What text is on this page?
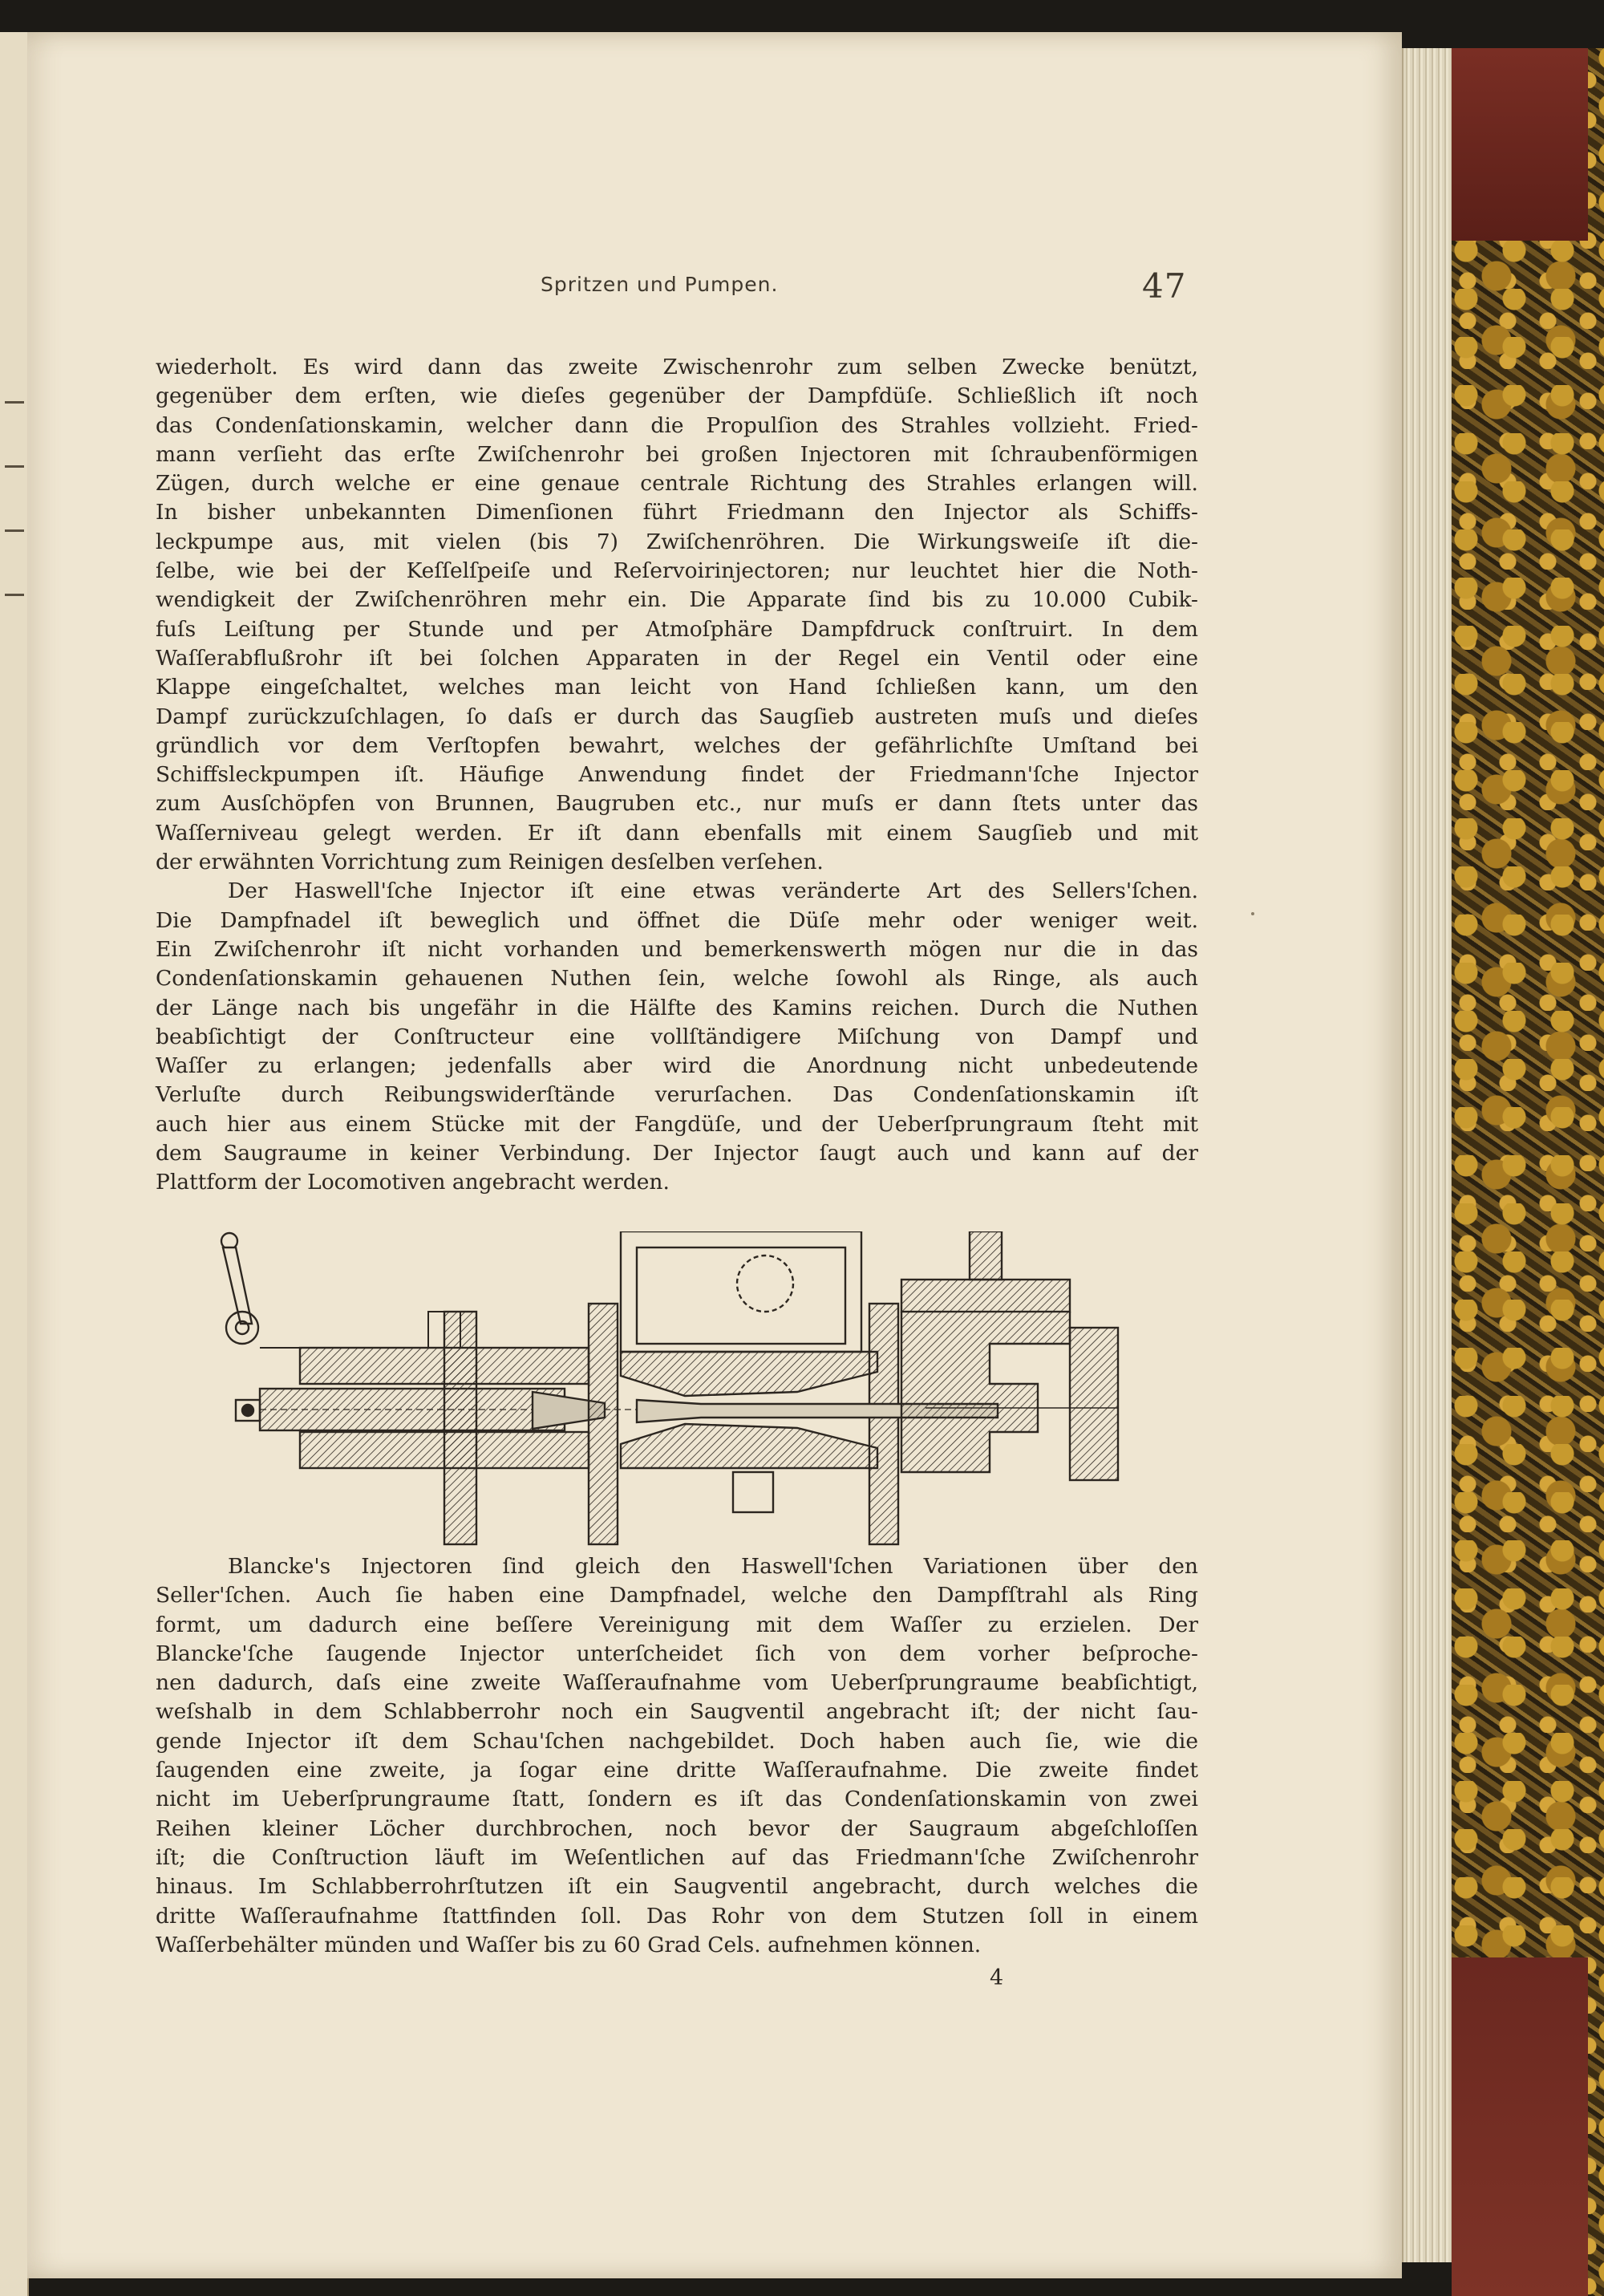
Spritzen und Pumpen.	47
wiederholt. Es wird dann das zweite Zwischenrohr zum selben Zwecke benützt,
gegenüber dem erſten, wie dieſes gegenüber der Dampfdüſe. Schließlich iſt noch
das Condenſationskamin, welcher dann die Propulſion des Strahles vollzieht. Fried-
mann verſieht das erſte Zwiſchenrohr bei großen Injectoren mit ſchraubenförmigen
Zügen, durch welche er eine genaue centrale Richtung des Strahles erlangen will.
In bisher unbekannten Dimenſionen führt Friedmann den Injector als Schiffs-
leckpumpe aus, mit vielen (bis 7) Zwiſchenröhren. Die Wirkungsweiſe iſt die-
ſelbe, wie bei der Keſſelſpeiſe und Reſervoirinjectoren; nur leuchtet hier die Noth-
wendigkeit der Zwiſchenröhren mehr ein. Die Apparate ſind bis zu 10.000 Cubik-
fuſs Leiſtung per Stunde und per Atmoſphäre Dampfdruck conſtruirt. In dem
Waſſerabflußrohr iſt bei ſolchen Apparaten in der Regel ein Ventil oder eine
Klappe eingeſchaltet, welches man leicht von Hand ſchließen kann, um den
Dampf zurückzuſchlagen, ſo daſs er durch das Saugſieb austreten muſs und dieſes
gründlich vor dem Verſtopfen bewahrt, welches der gefährlichſte Umſtand bei
Schiffsleckpumpen iſt. Häufige Anwendung findet der Friedmann'ſche Injector
zum Ausſchöpfen von Brunnen, Baugruben etc., nur muſs er dann ſtets unter das
Waſſerniveau gelegt werden. Er iſt dann ebenfalls mit einem Saugſieb und mit
der erwähnten Vorrichtung zum Reinigen desſelben verſehen.
Der Haswell'ſche Injector iſt eine etwas veränderte Art des Sellers'ſchen.
Die Dampfnadel iſt beweglich und öffnet die Düſe mehr oder weniger weit.
Ein Zwiſchenrohr iſt nicht vorhanden und bemerkenswerth mögen nur die in das
Condenſationskamin gehauenen Nuthen ſein, welche ſowohl als Ringe, als auch
der Länge nach bis ungefähr in die Hälfte des Kamins reichen. Durch die Nuthen
beabſichtigt der Conſtructeur eine vollſtändigere Miſchung von Dampf und
Waſſer zu erlangen; jedenfalls aber wird die Anordnung nicht unbedeutende
Verluſte durch Reibungswiderſtände verurſachen. Das Condenſationskamin iſt
auch hier aus einem Stücke mit der Fangdüſe, und der Ueberſprungraum ſteht mit
dem Saugraume in keiner Verbindung. Der Injector ſaugt auch und kann auf der
Plattform der Locomotiven angebracht werden.
Blancke's Injectoren ſind gleich den Haswell'ſchen Variationen über den
Seller'ſchen. Auch ſie haben eine Dampfnadel, welche den Dampfſtrahl als Ring
formt, um dadurch eine beſſere Vereinigung mit dem Waſſer zu erzielen. Der
Blancke'ſche ſaugende Injector unterſcheidet ſich von dem vorher beſproche-
nen dadurch, daſs eine zweite Waſſeraufnahme vom Ueberſprungraume beabſichtigt,
weſshalb in dem Schlabberrohr noch ein Saugventil angebracht iſt; der nicht ſau-
gende Injector iſt dem Schau'ſchen nachgebildet. Doch haben auch ſie, wie die
ſaugenden eine zweite, ja ſogar eine dritte Waſſeraufnahme. Die zweite findet
nicht im Ueberſprungraume ſtatt, ſondern es iſt das Condenſationskamin von zwei
Reihen kleiner Löcher durchbrochen, noch bevor der Saugraum abgeſchloſſen
iſt; die Conſtruction läuft im Weſentlichen auf das Friedmann'ſche Zwiſchenrohr
hinaus. Im Schlabberrohrſtutzen iſt ein Saugventil angebracht, durch welches die
dritte Waſſeraufnahme ſtattfinden ſoll. Das Rohr von dem Stutzen ſoll in einem
Waſſerbehälter münden und Waſſer bis zu 60 Grad Cels. aufnehmen können.
4
